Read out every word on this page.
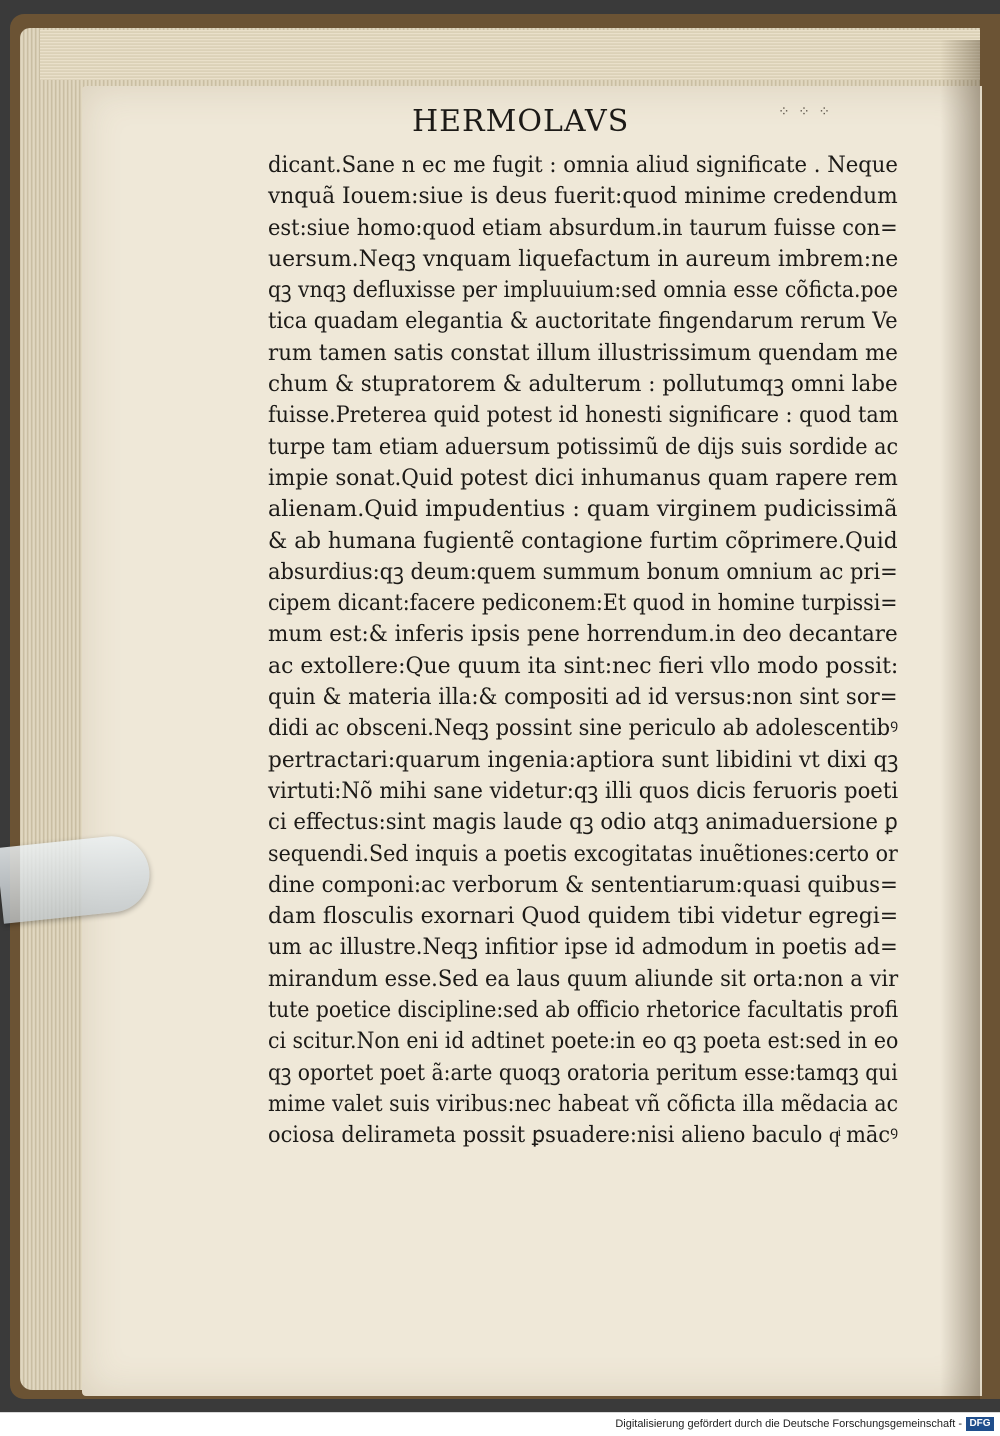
HERMOLAVS	⁘ ⁘ ⁘
dicant.Sane n ec me fugit : omnia aliud significate . Neque
vnquã Iouem:siue is deus fuerit:quod minime credendum
est:siue homo:quod etiam absurdum.in taurum fuisse con=
uersum.Neqꝫ vnquam liquefactum in aureum imbrem:ne
qꝫ vnqꝫ defluxisse per impluuium:sed omnia esse cõficta.poe
tica quadam elegantia & auctoritate fingendarum rerum Ve
rum tamen satis constat illum illustrissimum quendam me
chum & stupratorem & adulterum : pollutumqꝫ omni labe
fuisse.Preterea quid potest id honesti significare : quod tam
turpe tam etiam aduersum potissimũ de dijs suis sordide ac
impie sonat.Quid potest dici inhumanus quam rapere rem
alienam.Quid impudentius : quam virginem pudicissimã
& ab humana fugientẽ contagione furtim cõprimere.Quid
absurdius:qꝫ deum:quem summum bonum omnium ac pri=
cipem dicant:facere pediconem:Et quod in homine turpissi=
mum est:& inferis ipsis pene horrendum.in deo decantare
ac extollere:Que quum ita sint:nec fieri vllo modo possit:
quin & materia illa:& compositi ad id versus:non sint sor=
didi ac obsceni.Neqꝫ possint sine periculo ab adolescentibꝰ
pertractari:quarum ingenia:aptiora sunt libidini vt dixi qꝫ
virtuti:Nõ mihi sane videtur:qꝫ illi quos dicis feruoris poeti
ci effectus:sint magis laude qꝫ odio atqꝫ animaduersione ꝑ
sequendi.Sed inquis a poetis excogitatas inuẽtiones:certo or
dine componi:ac verborum & sententiarum:quasi quibus=
dam flosculis exornari Quod quidem tibi videtur egregi=
um ac illustre.Neqꝫ infitior ipse id admodum in poetis ad=
mirandum esse.Sed ea laus quum aliunde sit orta:non a vir
tute poetice discipline:sed ab officio rhetorice facultatis profi
ci scitur.Non eni id adtinet poete:in eo qꝫ poeta est:sed in eo
qꝫ oportet poet ã:arte quoqꝫ oratoria peritum esse:tamqꝫ qui
mime valet suis viribus:nec habeat vñ cõficta illa mẽdacia ac
ociosa delirameta possit ꝑsuadere:nisi alieno baculo qͥ mācꝰ
Digitalisierung gefördert durch die Deutsche Forschungsgemeinschaft - DFG
